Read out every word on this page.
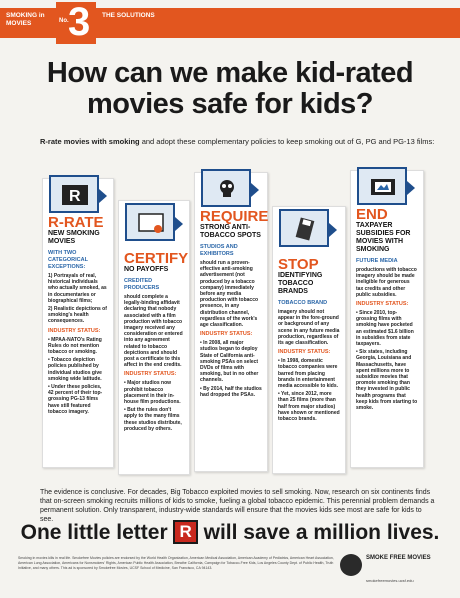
SMOKING in MOVIES	No. 3	THE SOLUTIONS
How can we make kid-rated
movies safe for kids?
R-rate movies with smoking and adopt these complementary policies to keep smoking out of G, PG and PG-13 films:
R
R-RATE
NEW SMOKING MOVIES
WITH TWO CATEGORICAL EXCEPTIONS:
1) Portrayals of real, historical individuals who actually smoked, as in documentaries or biographical films;
2) Realistic depictions of smoking's health consequences.
INDUSTRY STATUS:
• MPAA-NATO's Rating Rules do not mention tobacco or smoking.
• Tobacco depiction policies published by individual studios give smoking wide latitude.
• Under these policies, 42 percent of their top-grossing PG-13 films have still featured tobacco imagery.
CERTIFY
NO PAYOFFS
CREDITED PRODUCERS
should complete a legally-binding affidavit declaring that nobody associated with a film production with tobacco imagery received any consideration or entered into any agreement related to tobacco depictions and should post a certificate to this affect in the end credits.
INDUSTRY STATUS:
• Major studios now prohibit tobacco placement in their in-house film productions.
• But the rules don't apply to the many films these studios distribute, produced by others.
REQUIRE
STRONG ANTI-TOBACCO SPOTS
STUDIOS AND EXHIBITORS
should run a proven-effective anti-smoking advertisement (not produced by a tobacco company) immediately before any media production with tobacco presence, in any distribution channel, regardless of the work's age classification.
INDUSTRY STATUS:
• In 2008, all major studios began to deploy State of California anti-smoking PSAs on select DVDs of films with smoking, but in no other channels.
• By 2014, half the studios had dropped the PSAs.
STOP
IDENTIFYING TOBACCO BRANDS
TOBACCO BRAND
imagery should not appear in the fore-ground or background of any scene in any future media production, regardless of its age classification.
INDUSTRY STATUS:
• In 1998, domestic tobacco companies were barred from placing brands in entertainment media accessible to kids.
• Yet, since 2012, more than 25 films (more than half from major studios) have shown or mentioned tobacco brands.
END
TAXPAYER SUBSIDIES FOR MOVIES WITH SMOKING
FUTURE MEDIA
productions with tobacco imagery should be made ineligible for generous tax credits and other public subsidies.
INDUSTRY STATUS:
• Since 2010, top-grossing films with smoking have pocketed an estimated $1.6 billion in subsidies from state taxpayers.
• Six states, including Georgia, Louisiana and Massachusetts, have spent millions more to subsidize movies that promote smoking than they invested in public health programs that keep kids from starting to smoke.
The evidence is conclusive. For decades, Big Tobacco exploited movies to sell smoking. Now, research on six continents finds that on-screen smoking recruits millions of kids to smoke, fueling a global tobacco epidemic. This perennial problem demands a permanent solution. Only transparent, industry-wide standards will ensure that the movies kids see most are safe for kids to see.
One little letter R will save a million lives.
Smoking in movies kills in real life. Smokefree Movies policies are endorsed by the World Health Organization, American Medical Association, American Academy of Pediatrics, American Heart Association, American Lung Association, Americans for Nonsmokers' Rights, American Public Health Association, Breathe California, Campaign for Tobacco-Free Kids, Los Angeles County Dept. of Public Health, Truth Initiative, and many others. This ad is sponsored by Smokefree Movies, UCSF School of Medicine, San Francisco, CA 94143.
SMOKE FREE MOVIES
smokefreemovies.ucsf.edu
